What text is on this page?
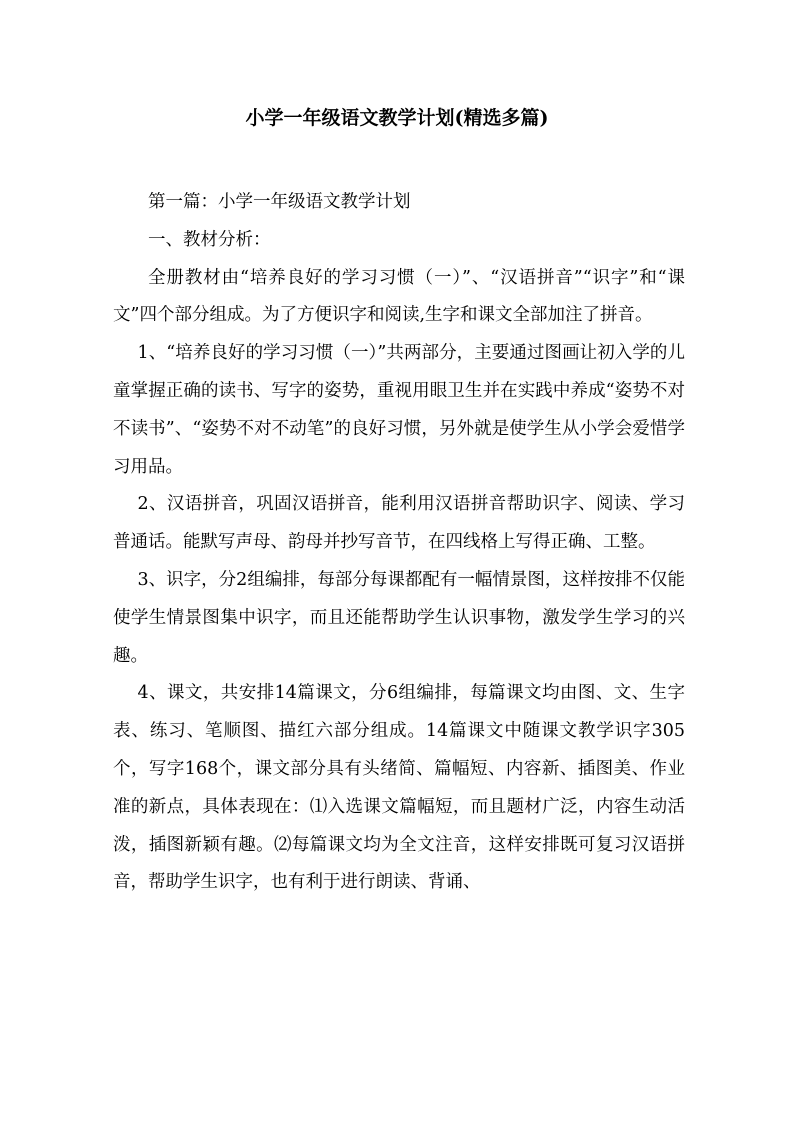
小学一年级语文教学计划(精选多篇)

第一篇：小学一年级语文教学计划

一、教材分析：

全册教材由“培养良好的学习习惯（一）”、“汉语拼音”“识字”和“课文”四个部分组成。为了方便识字和阅读,生字和课文全部加注了拼音。

1、“培养良好的学习习惯（一）”共两部分，主要通过图画让初入学的儿童掌握正确的读书、写字的姿势，重视用眼卫生并在实践中养成“姿势不对不读书”、“姿势不对不动笔”的良好习惯，另外就是使学生从小学会爱惜学习用品。

2、汉语拼音，巩固汉语拼音，能利用汉语拼音帮助识字、阅读、学习普通话。能默写声母、韵母并抄写音节，在四线格上写得正确、工整。

3、识字，分2组编排，每部分每课都配有一幅情景图，这样按排不仅能使学生情景图集中识字，而且还能帮助学生认识事物，激发学生学习的兴趣。

4、课文，共安排14篇课文，分6组编排，每篇课文均由图、文、生字表、练习、笔顺图、描红六部分组成。14篇课文中随课文教学识字305个，写字168个，课文部分具有头绪简、篇幅短、内容新、插图美、作业准的新点，具体表现在：⑴入选课文篇幅短，而且题材广泛，内容生动活泼，插图新颖有趣。⑵每篇课文均为全文注音，这样安排既可复习汉语拼音，帮助学生识字，也有利于进行朗读、背诵、
